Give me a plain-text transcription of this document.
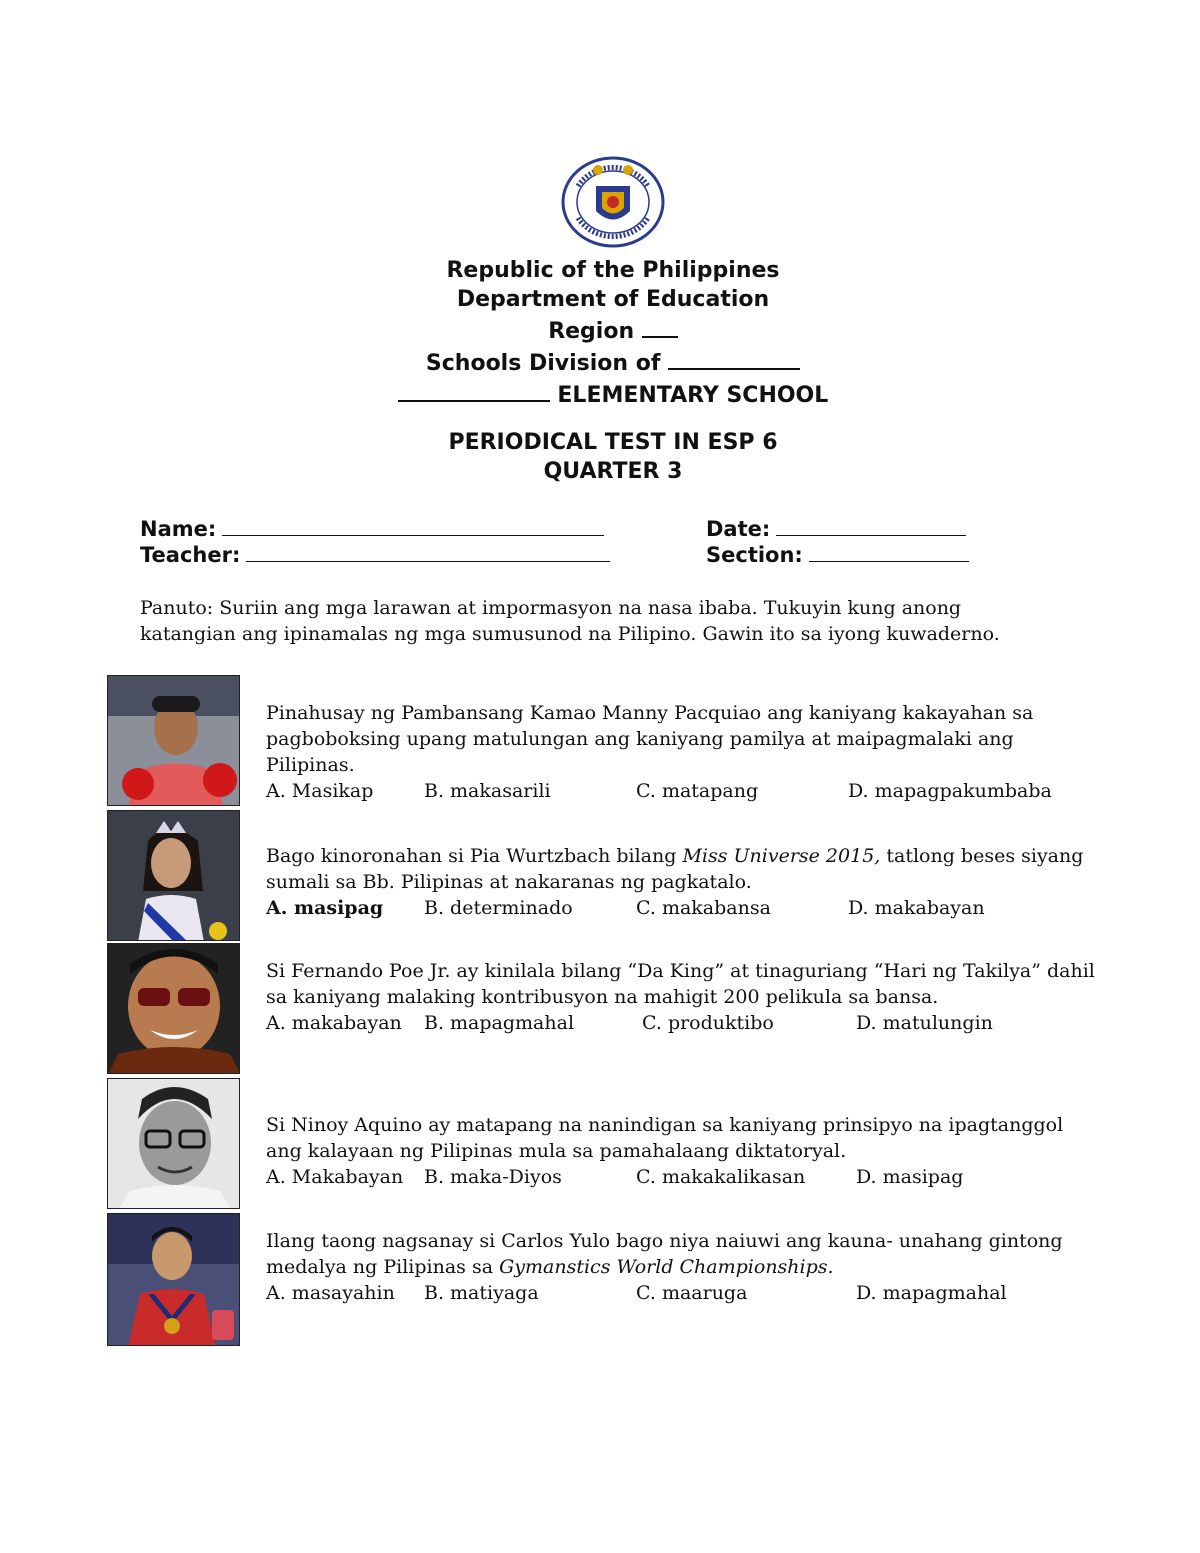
Republic of the Philippines
Department of Education
Region
Schools Division of
ELEMENTARY SCHOOL
PERIODICAL TEST IN ESP 6
QUARTER 3
Name:	Date:
Teacher:	Section:
Panuto: Suriin ang mga larawan at impormasyon na nasa ibaba. Tukuyin kung anong katangian ang ipinamalas ng mga sumusunod na Pilipino. Gawin ito sa iyong kuwaderno.
Pinahusay ng Pambansang Kamao Manny Pacquiao ang kaniyang kakayahan sa pagboboksing upang matulungan ang kaniyang pamilya at maipagmalaki ang Pilipinas.
A. Masikap	B. makasarili	C. matapang	D. mapagpakumbaba
Bago kinoronahan si Pia Wurtzbach bilang Miss Universe 2015, tatlong beses siyang sumali sa Bb. Pilipinas at nakaranas ng pagkatalo.
A. masipag B. determinado	C. makabansa	D. makabayan
Si Fernando Poe Jr. ay kinilala bilang “Da King” at tinaguriang “Hari ng Takilya” dahil sa kaniyang malaking kontribusyon na mahigit 200 pelikula sa bansa.
A. makabayan B. mapagmahal	C. produktibo	D. matulungin
Si Ninoy Aquino ay matapang na nanindigan sa kaniyang prinsipyo na ipagtanggol ang kalayaan ng Pilipinas mula sa pamahalaang diktatoryal.
A. Makabayan B. maka-Diyos	C. makakalikasan	D. masipag
Ilang taong nagsanay si Carlos Yulo bago niya naiuwi ang kauna- unahang gintong medalya ng Pilipinas sa Gymanstics World Championships.
A. masayahin B. matiyaga	C. maaruga	D. mapagmahal
